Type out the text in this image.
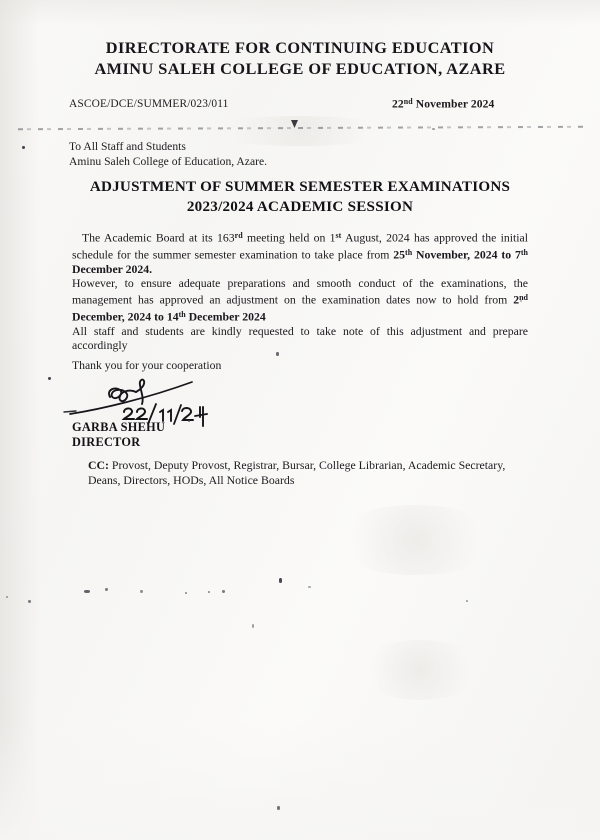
DIRECTORATE FOR CONTINUING EDUCATION
AMINU SALEH COLLEGE OF EDUCATION, AZARE
ASCOE/DCE/SUMMER/023/011	22nd November 2024
To All Staff and Students
Aminu Saleh College of Education, Azare.
ADJUSTMENT OF SUMMER SEMESTER EXAMINATIONS
2023/2024 ACADEMIC SESSION

The Academic Board at its 163rd meeting held on 1st August, 2024 has approved the initial schedule for the summer semester examination to take place from 25th November, 2024 to 7th December 2024.

However, to ensure adequate preparations and smooth conduct of the examinations, the management has approved an adjustment on the examination dates now to hold from 2nd December, 2024 to 14th December 2024

All staff and students are kindly requested to take note of this adjustment and prepare accordingly

Thank you for your cooperation
GARBA SHEHU
DIRECTOR
CC: Provost, Deputy Provost, Registrar, Bursar, College Librarian, Academic Secretary, Deans, Directors, HODs, All Notice Boards
